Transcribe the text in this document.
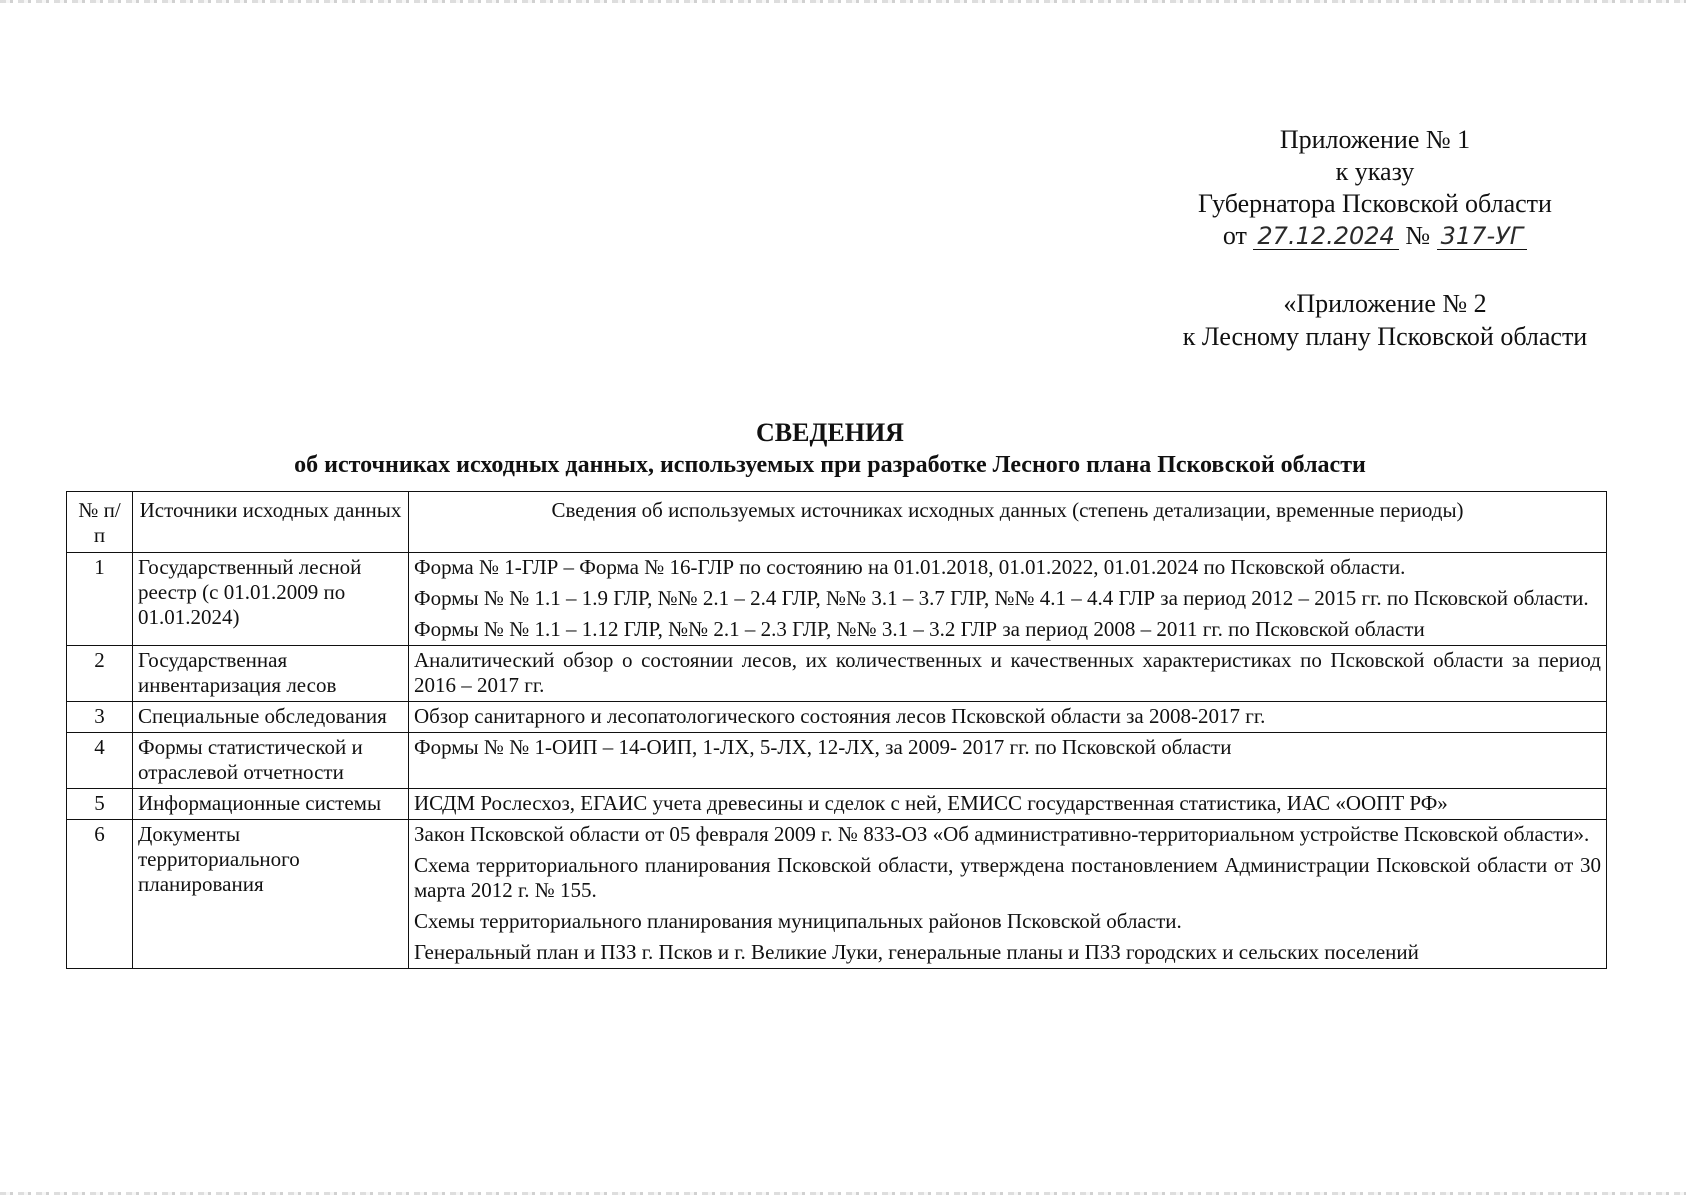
Приложение № 1
к указу
Губернатора Псковской области
от 27.12.2024 № 317-УГ
«Приложение № 2
к Лесному плану Псковской области
СВЕДЕНИЯ
об источниках исходных данных, используемых при разработке Лесного плана Псковской области
№ п/п	Источники исходных данных	Сведения об используемых источниках исходных данных (степень детализации, временные периоды)
1	Государственный лесной реестр (с 01.01.2009 по 01.01.2024)	Форма № 1-ГЛР – Форма № 16-ГЛР по состоянию на 01.01.2018, 01.01.2022, 01.01.2024 по Псковской области.

Формы № № 1.1 – 1.9 ГЛР, №№ 2.1 – 2.4 ГЛР, №№ 3.1 – 3.7 ГЛР, №№ 4.1 – 4.4 ГЛР за период 2012 – 2015 гг. по Псковской области.

Формы № № 1.1 – 1.12 ГЛР, №№ 2.1 – 2.3 ГЛР, №№ 3.1 – 3.2 ГЛР за период 2008 – 2011 гг. по Псковской области

2	Государственная инвентаризация лесов	Аналитический обзор о состоянии лесов, их количественных и качественных характеристиках по Псковской области за период 2016 – 2017 гг.

3	Специальные обследования	Обзор санитарного и лесопатологического состояния лесов Псковской области за 2008-2017 гг.

4	Формы статистической и отраслевой отчетности	Формы № № 1-ОИП – 14-ОИП, 1-ЛХ, 5-ЛХ, 12-ЛХ, за 2009- 2017 гг. по Псковской области

5	Информационные системы	ИСДМ Рослесхоз, ЕГАИС учета древесины и сделок с ней, ЕМИСС государственная статистика, ИАС «ООПТ РФ»

6	Документы территориального планирования	Закон Псковской области от 05 февраля 2009 г. № 833-ОЗ «Об административно-территориальном устройстве Псковской области».

Схема территориального планирования Псковской области, утверждена постановлением Администрации Псковской области от 30 марта 2012 г. № 155.

Схемы территориального планирования муниципальных районов Псковской области.

Генеральный план и ПЗЗ г. Псков и г. Великие Луки, генеральные планы и ПЗЗ городских и сельских поселений
